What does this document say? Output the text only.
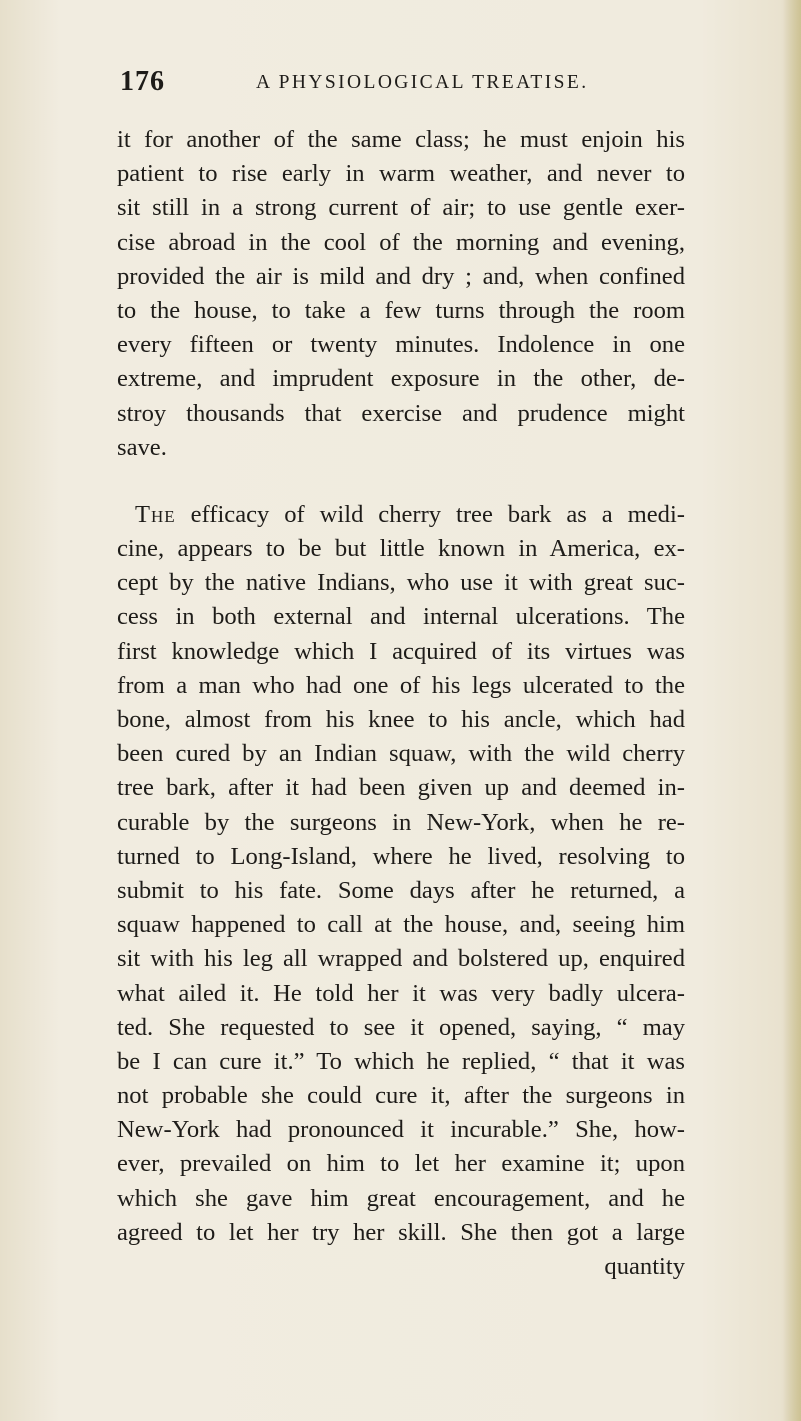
176	A PHYSIOLOGICAL TREATISE.
it for another of the same class; he must enjoin his
patient to rise early in warm weather, and never to
sit still in a strong current of air; to use gentle exer-
cise abroad in the cool of the morning and evening,
provided the air is mild and dry ; and, when confined
to the house, to take a few turns through the room
every fifteen or twenty minutes. Indolence in one
extreme, and imprudent exposure in the other, de-
stroy thousands that exercise and prudence might
save.
The efficacy of wild cherry tree bark as a medi-
cine, appears to be but little known in America, ex-
cept by the native Indians, who use it with great suc-
cess in both external and internal ulcerations. The
first knowledge which I acquired of its virtues was
from a man who had one of his legs ulcerated to the
bone, almost from his knee to his ancle, which had
been cured by an Indian squaw, with the wild cherry
tree bark, after it had been given up and deemed in-
curable by the surgeons in New-York, when he re-
turned to Long-Island, where he lived, resolving to
submit to his fate. Some days after he returned, a
squaw happened to call at the house, and, seeing him
sit with his leg all wrapped and bolstered up, enquired
what ailed it. He told her it was very badly ulcera-
ted. She requested to see it opened, saying, “ may
be I can cure it.” To which he replied, “ that it was
not probable she could cure it, after the surgeons in
New-York had pronounced it incurable.” She, how-
ever, prevailed on him to let her examine it; upon
which she gave him great encouragement, and he
agreed to let her try her skill. She then got a large
quantity
